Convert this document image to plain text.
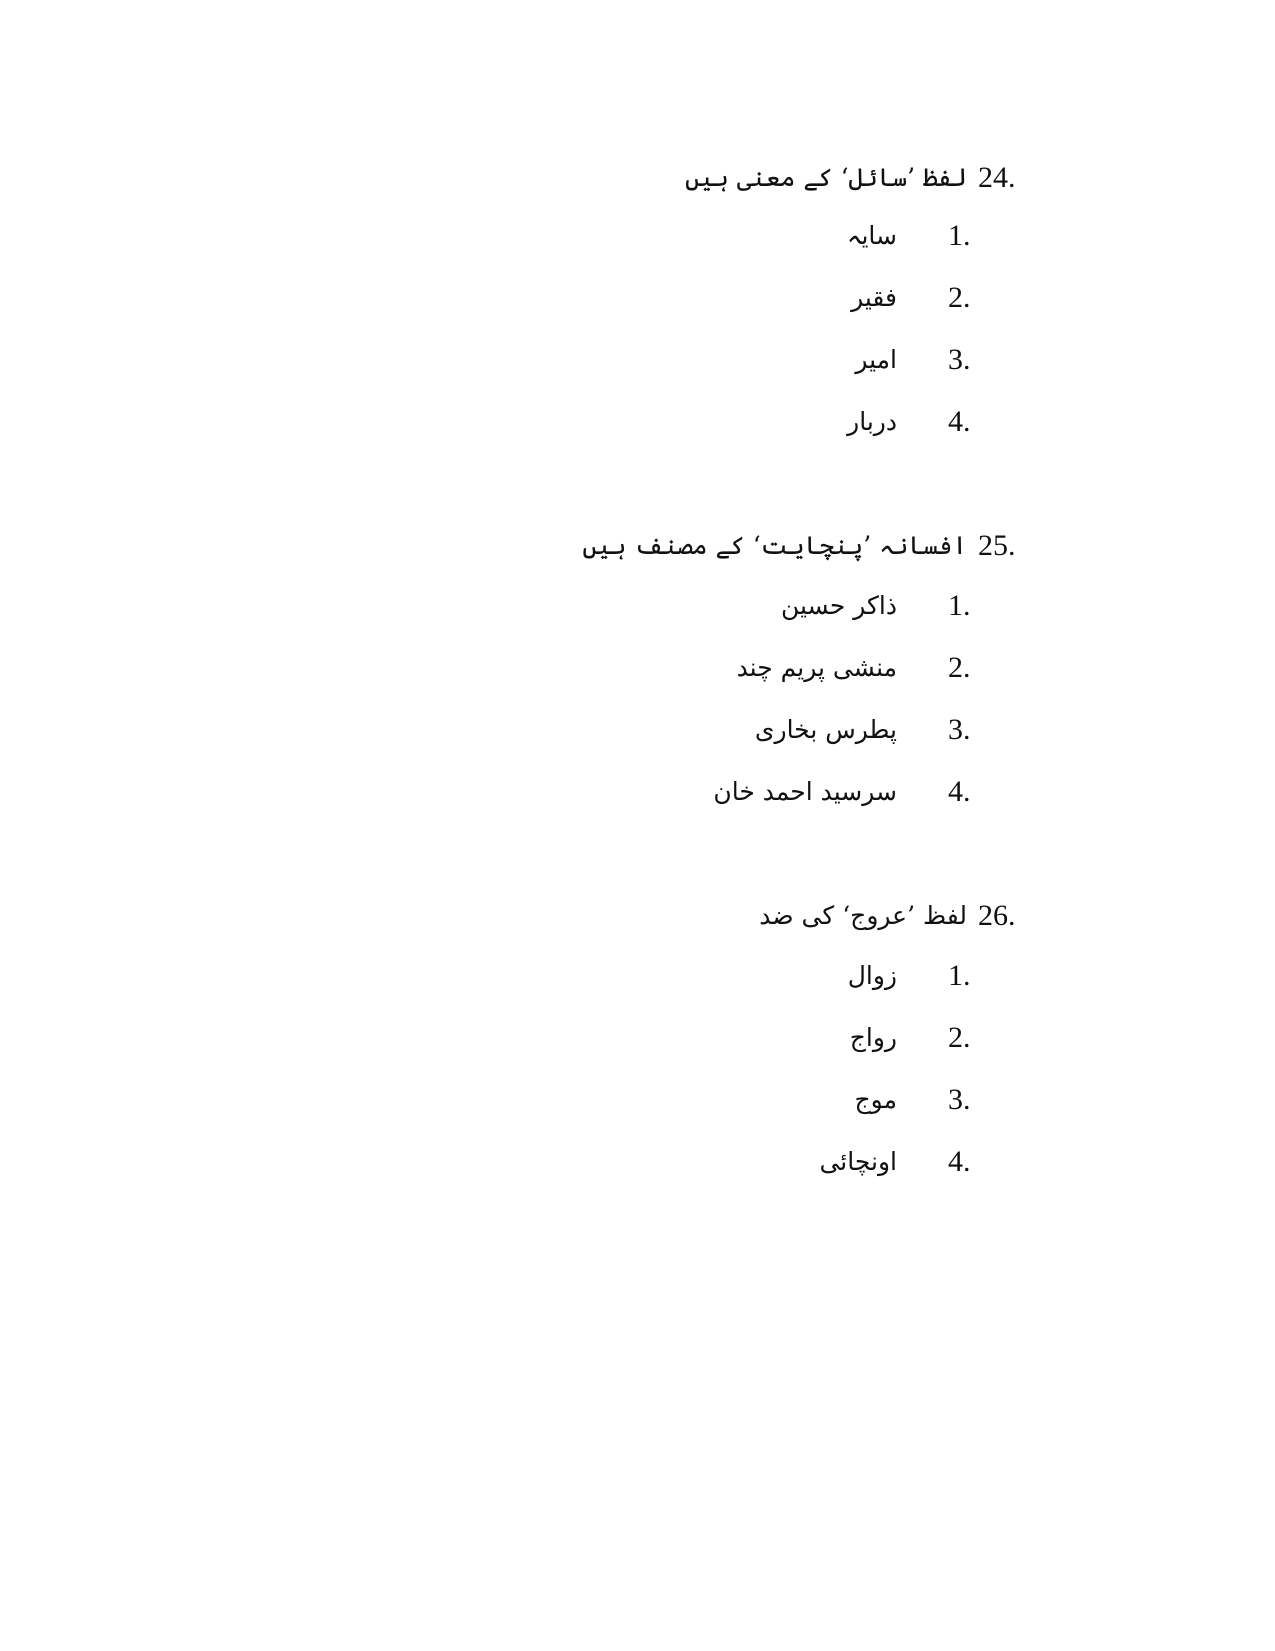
24.
لفظ ’سائل‘ کے معنی ہیں
1.
سایہ
2.
فقیر
3.
امیر
4.
دربار
25.
افسانہ ’پنچایت‘ کے مصنف ہیں
1.
ذاکر حسین
2.
منشی پریم چند
3.
پطرس بخاری
4.
سرسید احمد خان
26.
لفظ ’عروج‘ کی ضد
1.
زوال
2.
رواج
3.
موج
4.
اونچائی
